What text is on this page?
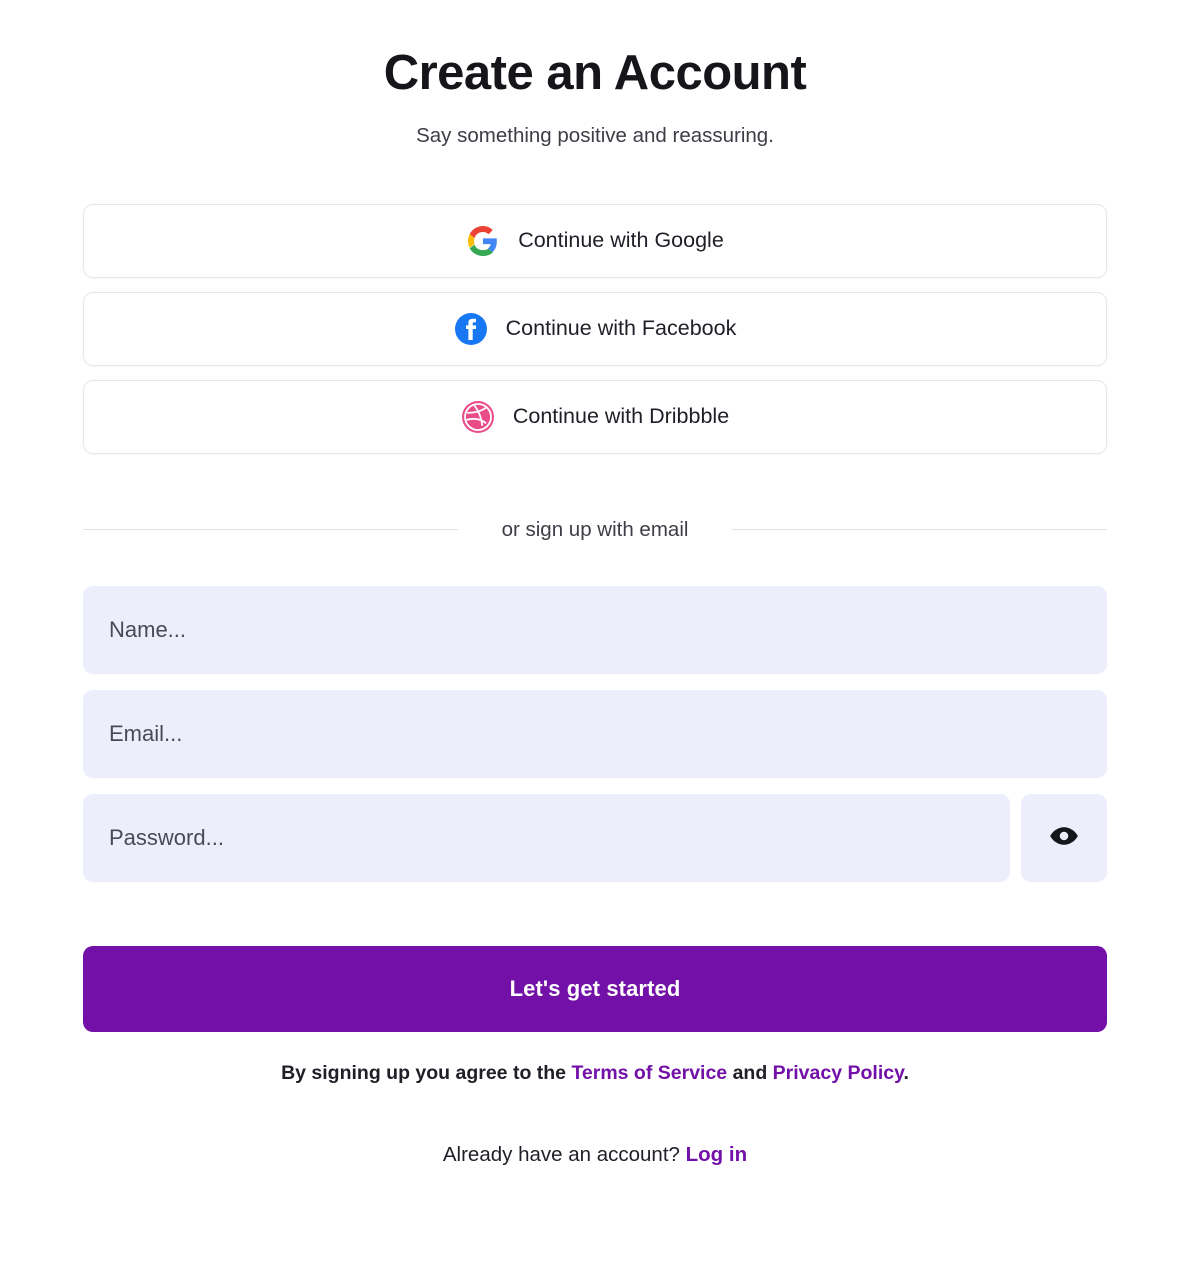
Create an Account

Say something positive and reassuring.

Continue with Google
Continue with Facebook
Continue with Dribbble
or sign up with email
Name...
Email...
Password...
Let's get started
By signing up you agree to the Terms of Service and Privacy Policy.
Already have an account? Log in
